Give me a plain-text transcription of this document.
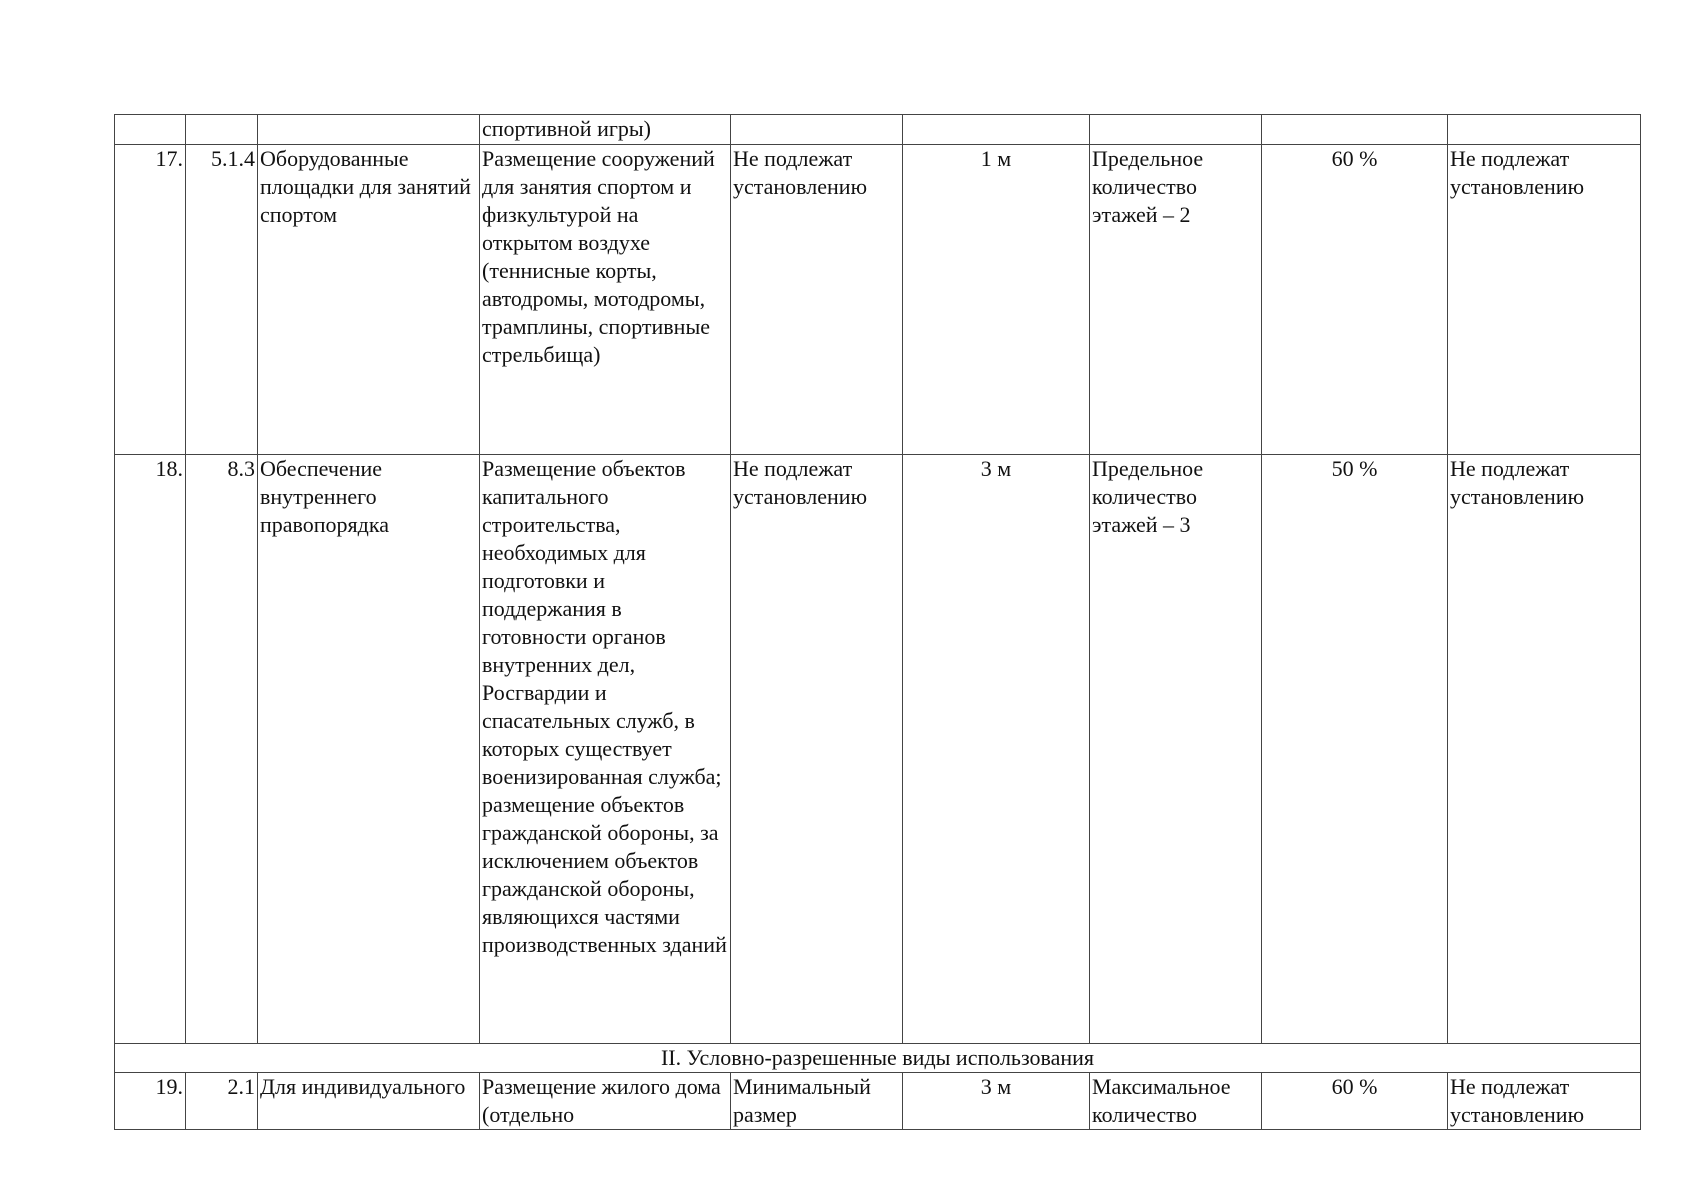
			спортивной игры)					
17.	5.1.4	Оборудованные площадки для занятий спортом	Размещение сооружений для занятия спортом и физкультурой на открытом воздухе (теннисные корты, автодромы, мотодромы, трамплины, спортивные стрельбища)	Не подлежат установлению	1 м	Предельное количество этажей – 2	60 %	Не подлежат установлению
18.	8.3	Обеспечение внутреннего правопорядка	Размещение объектов капитального строительства, необходимых для подготовки и поддержания в готовности органов внутренних дел, Росгвардии и спасательных служб, в которых существует военизированная служба; размещение объектов гражданской обороны, за исключением объектов гражданской обороны, являющихся частями производственных зданий	Не подлежат установлению	3 м	Предельное количество этажей – 3	50 %	Не подлежат установлению
II. Условно-разрешенные виды использования								
19.	2.1	Для индивидуального	Размещение жилого дома (отдельно	Минимальный размер	3 м	Максимальное количество	60 %	Не подлежат установлению
